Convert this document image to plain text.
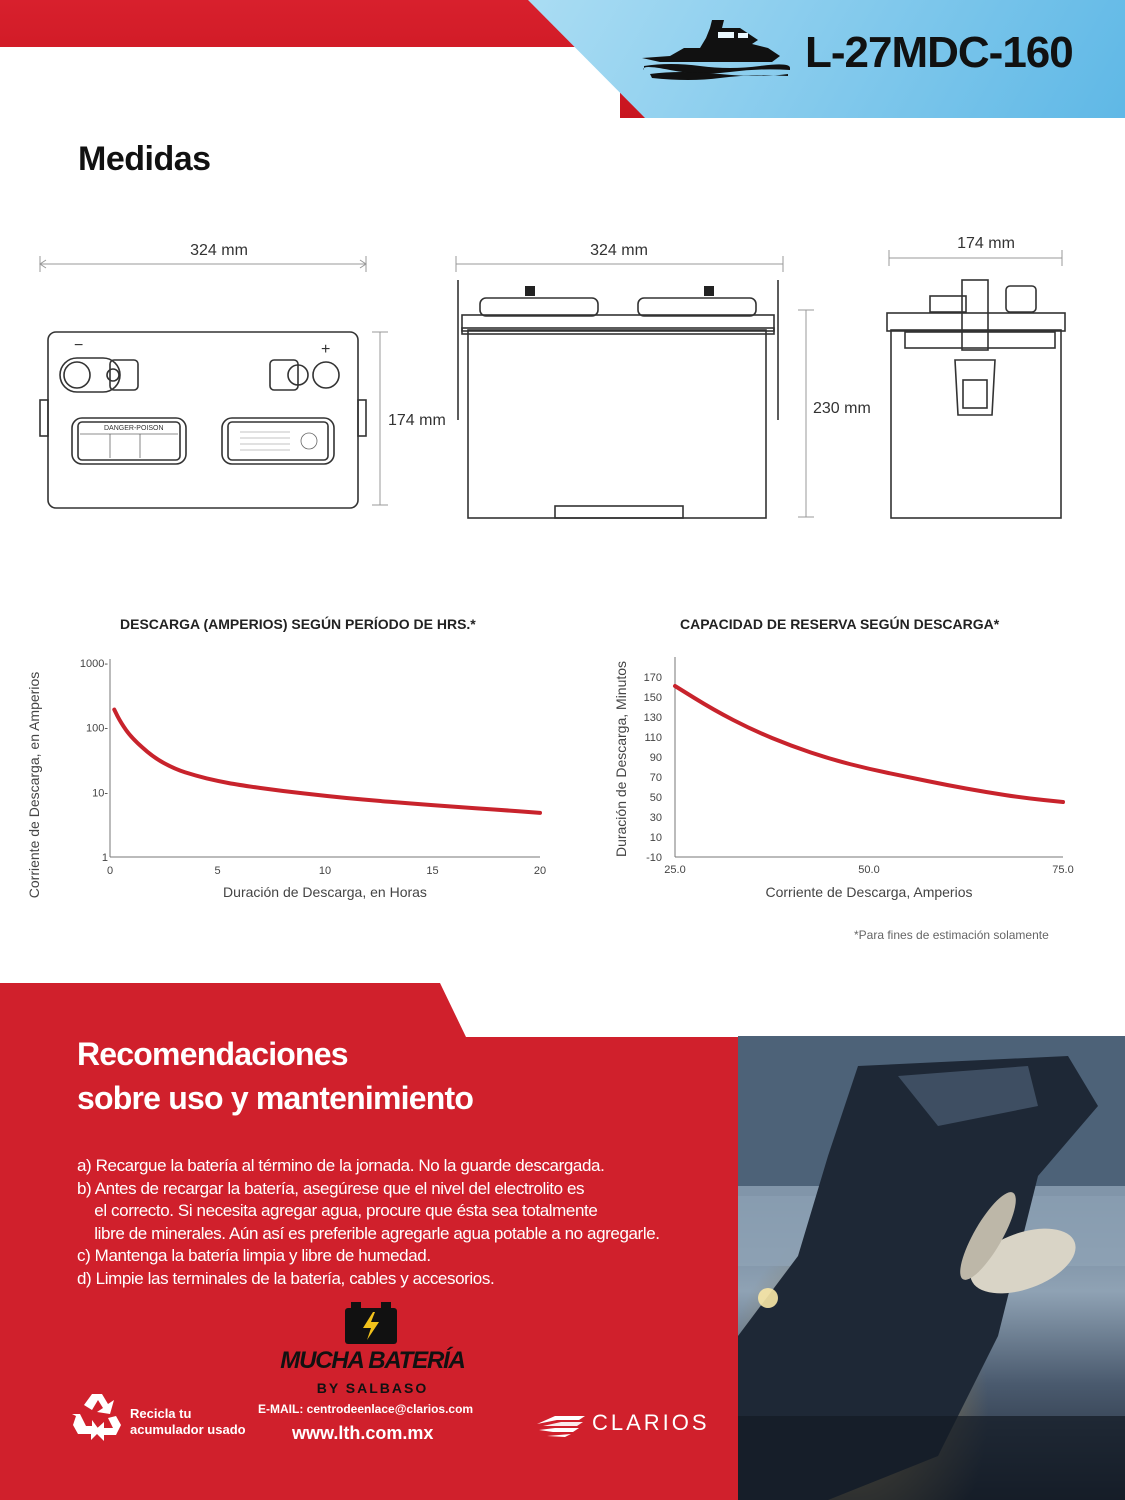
L-27MDC-160
Medidas
324 mm
174 mm
−	+
DANGER-POISON
324 mm
230 mm
174 mm
DESCARGA (AMPERIOS) SEGÚN PERÍODO DE HRS.*
1
10-
100-
1000-
0	5	10	15	20
Duración de Descarga, en Horas
Corriente de Descarga, en Amperios
CAPACIDAD DE RESERVA SEGÚN DESCARGA*
-10
10
30
50
70
90
110
130
150
170
25.0	50.0	75.0
Corriente de Descarga, Amperios
Duración de Descarga, Minutos
*Para fines de estimación solamente
Recomendaciones
sobre uso y mantenimiento
a) Recargue la batería al término de la jornada. No la guarde descargada.
b) Antes de recargar la batería, asegúrese que el nivel del electrolito es
el correcto. Si necesita agregar agua, procure que ésta sea totalmente
libre de minerales. Aún así es preferible agregarle agua potable a no agregarle.
c) Mantenga la batería limpia y libre de humedad.
d) Limpie las terminales de la batería, cables y accesorios.
MUCHA BATERÍA
BY SALBASO
Recicla tu
acumulador usado
E-MAIL: centrodeenlace@clarios.com
www.lth.com.mx	CLARIOS
